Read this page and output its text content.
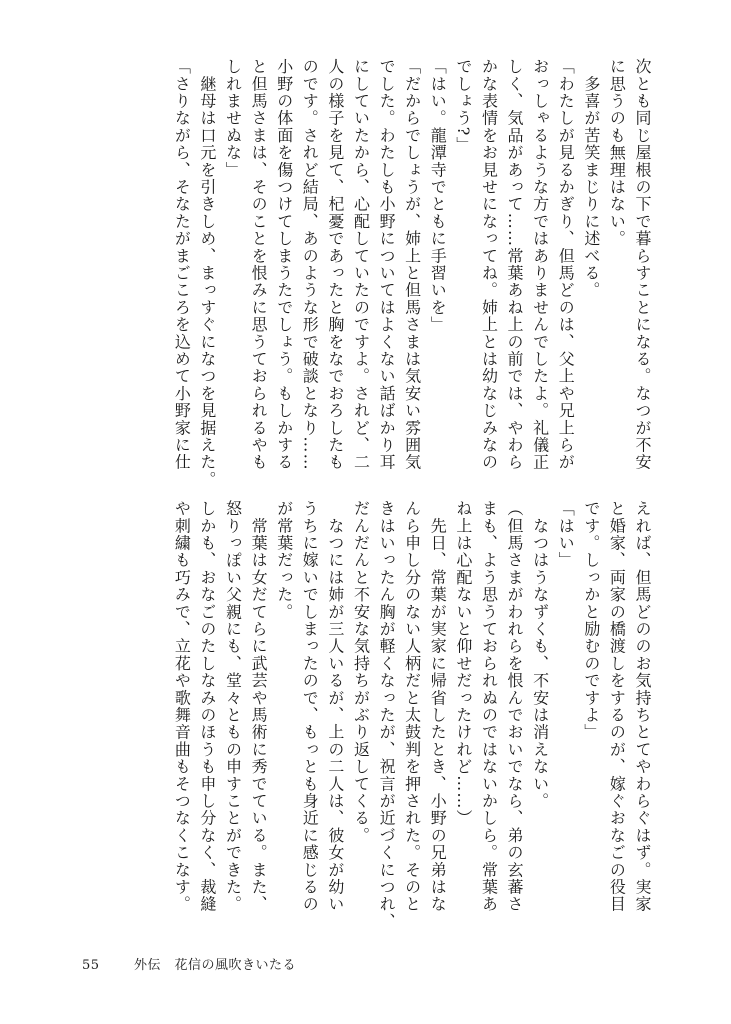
次とも同じ屋根の下で暮らすことになる。なつが不安
に思うのも無理はない。
　多喜が苦笑まじりに述べる。
「わたしが見るかぎり、但馬どのは、父上や兄上らが
おっしゃるような方ではありませんでしたよ。礼儀正
しく、気品があって……常葉あね上の前では、やわら
かな表情をお見せになってね。姉上とは幼なじみなの
でしょう?」
「はい。龍潭寺でともに手習いを」
「だからでしょうが、姉上と但馬さまは気安い雰囲気
でした。わたしも小野についてはよくない話ばかり耳
にしていたから、心配していたのですよ。されど、二
人の様子を見て、杞憂であったと胸をなでおろしたも
のです。されど結局、あのような形で破談となり……
小野の体面を傷つけてしまうたでしょう。もしかする
と但馬さまは、そのことを恨みに思うておられるやも
しれませぬな」
　継母は口元を引きしめ、まっすぐになつを見据えた。
「さりながら、そなたがまごころを込めて小野家に仕
えれば、但馬どののお気持ちとてやわらぐはず。実家
と婚家、両家の橋渡しをするのが、嫁ぐおなごの役目
です。しっかと励むのですよ」
「はい」
　なつはうなずくも、不安は消えない。
（但馬さまがわれらを恨んでおいでなら、弟の玄蕃さ
まも、よう思うておられぬのではないかしら。常葉あ
ね上は心配ないと仰せだったけれど……）
　先日、常葉が実家に帰省したとき、小野の兄弟はな
んら申し分のない人柄だと太鼓判を押された。そのと
きはいったん胸が軽くなったが、祝言が近づくにつれ、
だんだんと不安な気持ちがぶり返してくる。
　なつには姉が三人いるが、上の二人は、彼女が幼い
うちに嫁いでしまったので、もっとも身近に感じるの
が常葉だった。
　常葉は女だてらに武芸や馬術に秀でている。また、
怒りっぽい父親にも、堂々ともの申すことができた。
しかも、おなごのたしなみのほうも申し分なく、裁縫
や刺繍も巧みで、立花や歌舞音曲もそつなくこなす。
55	外伝　花信の風吹きいたる
